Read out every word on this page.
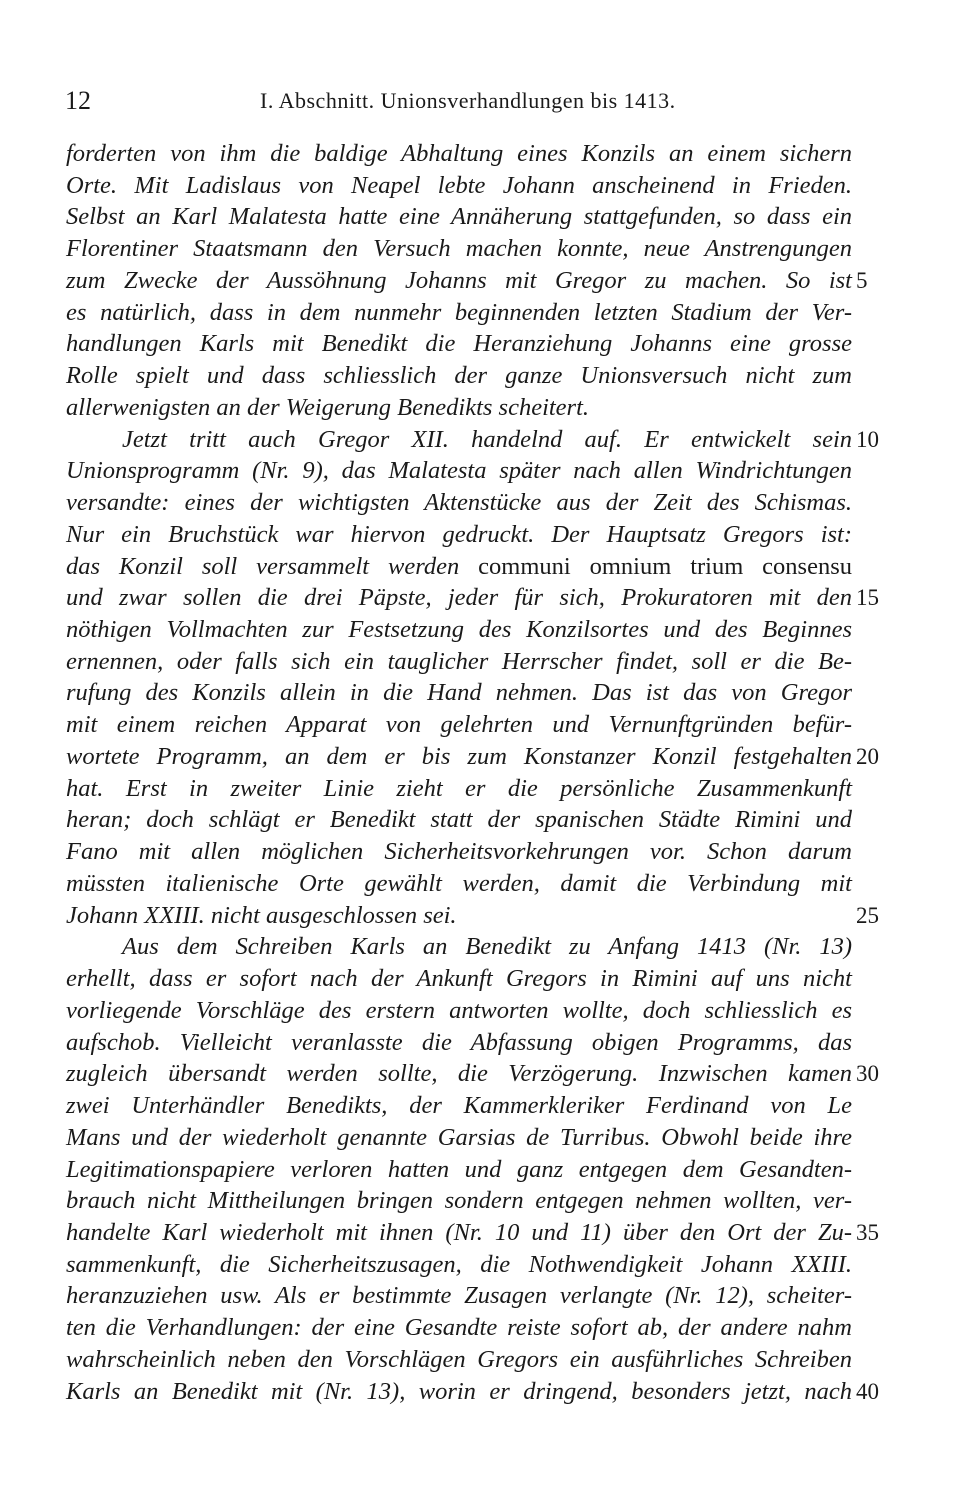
12	I. Abschnitt. Unionsverhandlungen bis 1413.
forderten von ihm die baldige Abhaltung eines Konzils an einem sichern
Orte. Mit Ladislaus von Neapel lebte Johann anscheinend in Frieden.
Selbst an Karl Malatesta hatte eine Annäherung stattgefunden, so dass ein
Florentiner Staatsmann den Versuch machen konnte, neue Anstrengungen
zum Zwecke der Aussöhnung Johanns mit Gregor zu machen. So ist 5
es natürlich, dass in dem nunmehr beginnenden letzten Stadium der Ver-
handlungen Karls mit Benedikt die Heranziehung Johanns eine grosse
Rolle spielt und dass schliesslich der ganze Unionsversuch nicht zum
allerwenigsten an der Weigerung Benedikts scheitert.
Jetzt tritt auch Gregor XII. handelnd auf. Er entwickelt sein 10
Unionsprogramm (Nr. 9), das Malatesta später nach allen Windrichtungen
versandte: eines der wichtigsten Aktenstücke aus der Zeit des Schismas.
Nur ein Bruchstück war hiervon gedruckt. Der Hauptsatz Gregors ist:
das Konzil soll versammelt werden communi omnium trium consensu
und zwar sollen die drei Päpste, jeder für sich, Prokuratoren mit den 15
nöthigen Vollmachten zur Festsetzung des Konzilsortes und des Beginnes
ernennen, oder falls sich ein tauglicher Herrscher findet, soll er die Be-
rufung des Konzils allein in die Hand nehmen. Das ist das von Gregor
mit einem reichen Apparat von gelehrten und Vernunftgründen befür-
wortete Programm, an dem er bis zum Konstanzer Konzil festgehalten 20
hat. Erst in zweiter Linie zieht er die persönliche Zusammenkunft
heran; doch schlägt er Benedikt statt der spanischen Städte Rimini und
Fano mit allen möglichen Sicherheitsvorkehrungen vor. Schon darum
müssten italienische Orte gewählt werden, damit die Verbindung mit
Johann XXIII. nicht ausgeschlossen sei.	25
Aus dem Schreiben Karls an Benedikt zu Anfang 1413 (Nr. 13)
erhellt, dass er sofort nach der Ankunft Gregors in Rimini auf uns nicht
vorliegende Vorschläge des erstern antworten wollte, doch schliesslich es
aufschob. Vielleicht veranlasste die Abfassung obigen Programms, das
zugleich übersandt werden sollte, die Verzögerung. Inzwischen kamen 30
zwei Unterhändler Benedikts, der Kammerkleriker Ferdinand von Le
Mans und der wiederholt genannte Garsias de Turribus. Obwohl beide ihre
Legitimationspapiere verloren hatten und ganz entgegen dem Gesandten-
brauch nicht Mittheilungen bringen sondern entgegen nehmen wollten, ver-
handelte Karl wiederholt mit ihnen (Nr. 10 und 11) über den Ort der Zu- 35
sammenkunft, die Sicherheitszusagen, die Nothwendigkeit Johann XXIII.
heranzuziehen usw. Als er bestimmte Zusagen verlangte (Nr. 12), scheiter-
ten die Verhandlungen: der eine Gesandte reiste sofort ab, der andere nahm
wahrscheinlich neben den Vorschlägen Gregors ein ausführliches Schreiben
Karls an Benedikt mit (Nr. 13), worin er dringend, besonders jetzt, nach 40
